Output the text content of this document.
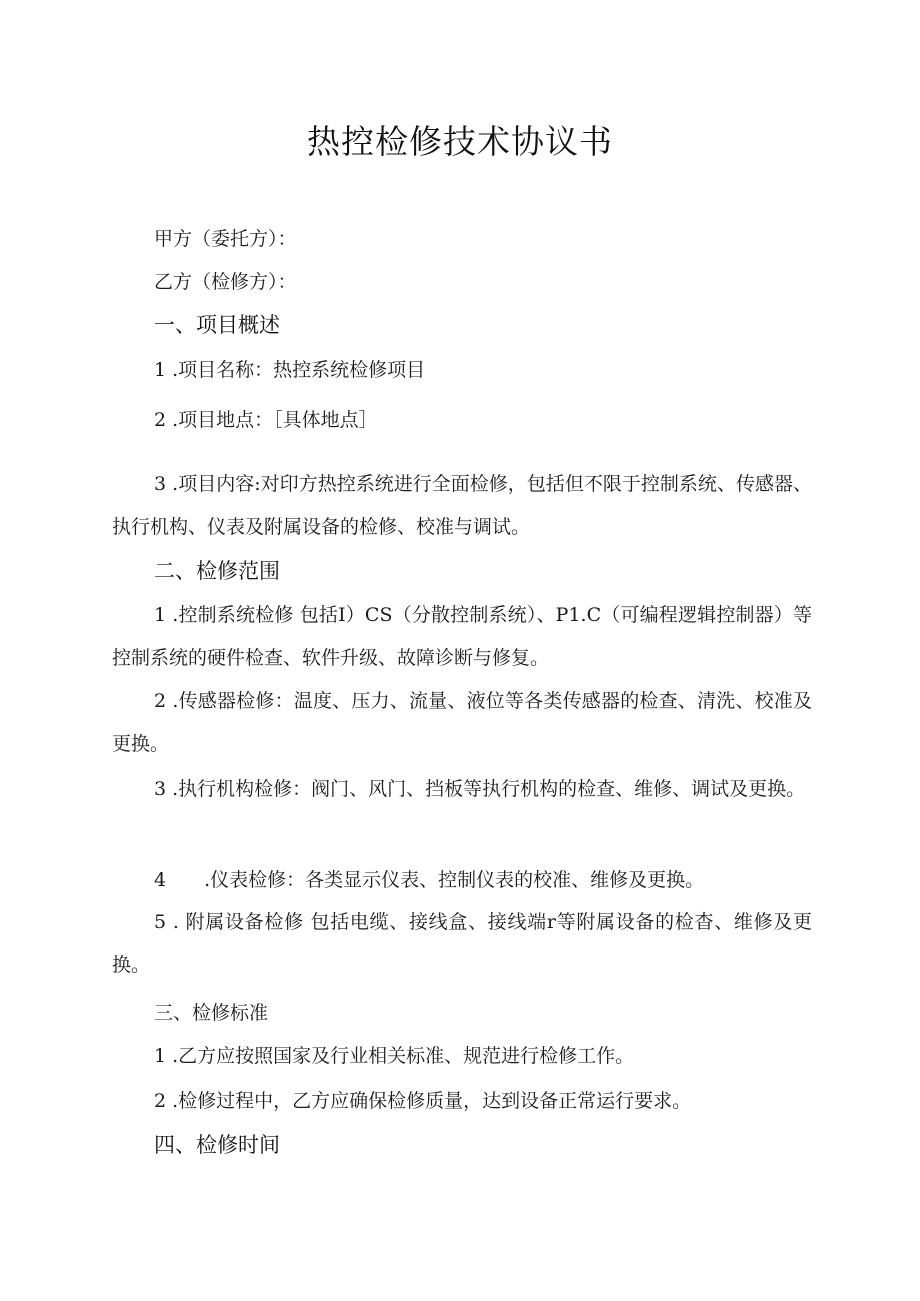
热控检修技术协议书
甲方（委托方）：
乙方（检修方）：
一、项目概述
1 .项目名称：热控系统检修项目
2 .项目地点：［具体地点］
3 .项目内容:对印方热控系统进行全面检修，包括但不限于控制系统、传感器、执行机构、仪表及附属设备的检修、校准与调试。
二、检修范围
1 .控制系统检修 包括I）CS（分散控制系统）、P1.C（可编程逻辑控制器）等控制系统的硬件检查、软件升级、故障诊断与修复。
2 .传感器检修：温度、压力、流量、液位等各类传感器的检查、清洗、校准及更换。
3 .执行机构检修：阀门、风门、挡板等执行机构的检查、维修、调试及更换。
4　　.仪表检修：各类显示仪表、控制仪表的校准、维修及更换。
5 . 附属设备检修 包括电缆、接线盒、接线端r等附属设备的检杳、维修及更换。
三、检修标准
1 .乙方应按照国家及行业相关标准、规范进行检修工作。
2 .检修过程中，乙方应确保检修质量，达到设备正常运行要求。
四、检修时间
